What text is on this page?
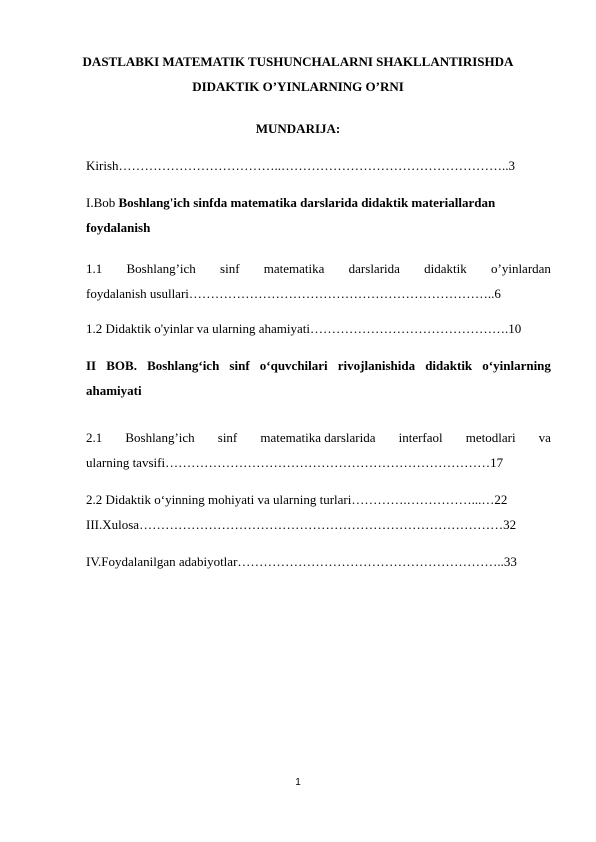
DASTLABKI MATEMATIK TUSHUNCHALARNI SHAKLLANTIRISHDA
DIDAKTIK O’YINLARNING O’RNI
MUNDARIJA:
Kirish………………………………..……………………………………………..3
I.Bob Boshlang'ich sinfda matematika darslarida didaktik materiallardan
foydalanish
1.1 Boshlang’ich sinf matematika darslarida didaktik o’yinlardan
foydalanish usullari……………………………………………………………..6
1.2 Didaktik o'yinlar va ularning ahamiyati……………………………………….10
II BOB. Boshlang‘ich sinf o‘quvchilari rivojlanishida didaktik o‘yinlarning
ahamiyati
2.1 Boshlang’ich sinf matematika darslarida interfaol metodlari va
ularning tavsifi…………………………………………………………………17
2.2 Didaktik o‘yinning mohiyati va ularning turlari………….……………...…22
III.Xulosa…………………………………………………………………………32
IV.Foydalanilgan adabiyotlar……………………………………………………..33
1
